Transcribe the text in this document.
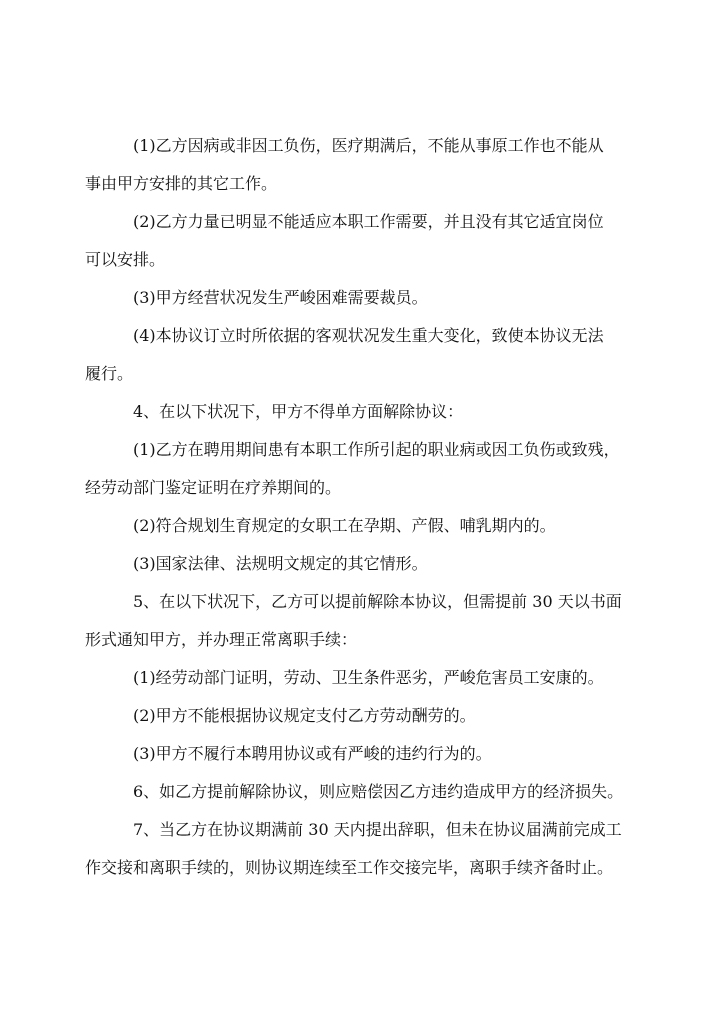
(1)乙方因病或非因工负伤，医疗期满后，不能从事原工作也不能从
事由甲方安排的其它工作。
(2)乙方力量已明显不能适应本职工作需要，并且没有其它适宜岗位
可以安排。
(3)甲方经营状况发生严峻困难需要裁员。
(4)本协议订立时所依据的客观状况发生重大变化，致使本协议无法
履行。
4、在以下状况下，甲方不得单方面解除协议：
(1)乙方在聘用期间患有本职工作所引起的职业病或因工负伤或致残，
经劳动部门鉴定证明在疗养期间的。
(2)符合规划生育规定的女职工在孕期、产假、哺乳期内的。
(3)国家法律、法规明文规定的其它情形。
5、在以下状况下，乙方可以提前解除本协议，但需提前 30 天以书面
形式通知甲方，并办理正常离职手续：
(1)经劳动部门证明，劳动、卫生条件恶劣，严峻危害员工安康的。
(2)甲方不能根据协议规定支付乙方劳动酬劳的。
(3)甲方不履行本聘用协议或有严峻的违约行为的。
6、如乙方提前解除协议，则应赔偿因乙方违约造成甲方的经济损失。
7、当乙方在协议期满前 30 天内提出辞职，但未在协议届满前完成工
作交接和离职手续的，则协议期连续至工作交接完毕，离职手续齐备时止。
